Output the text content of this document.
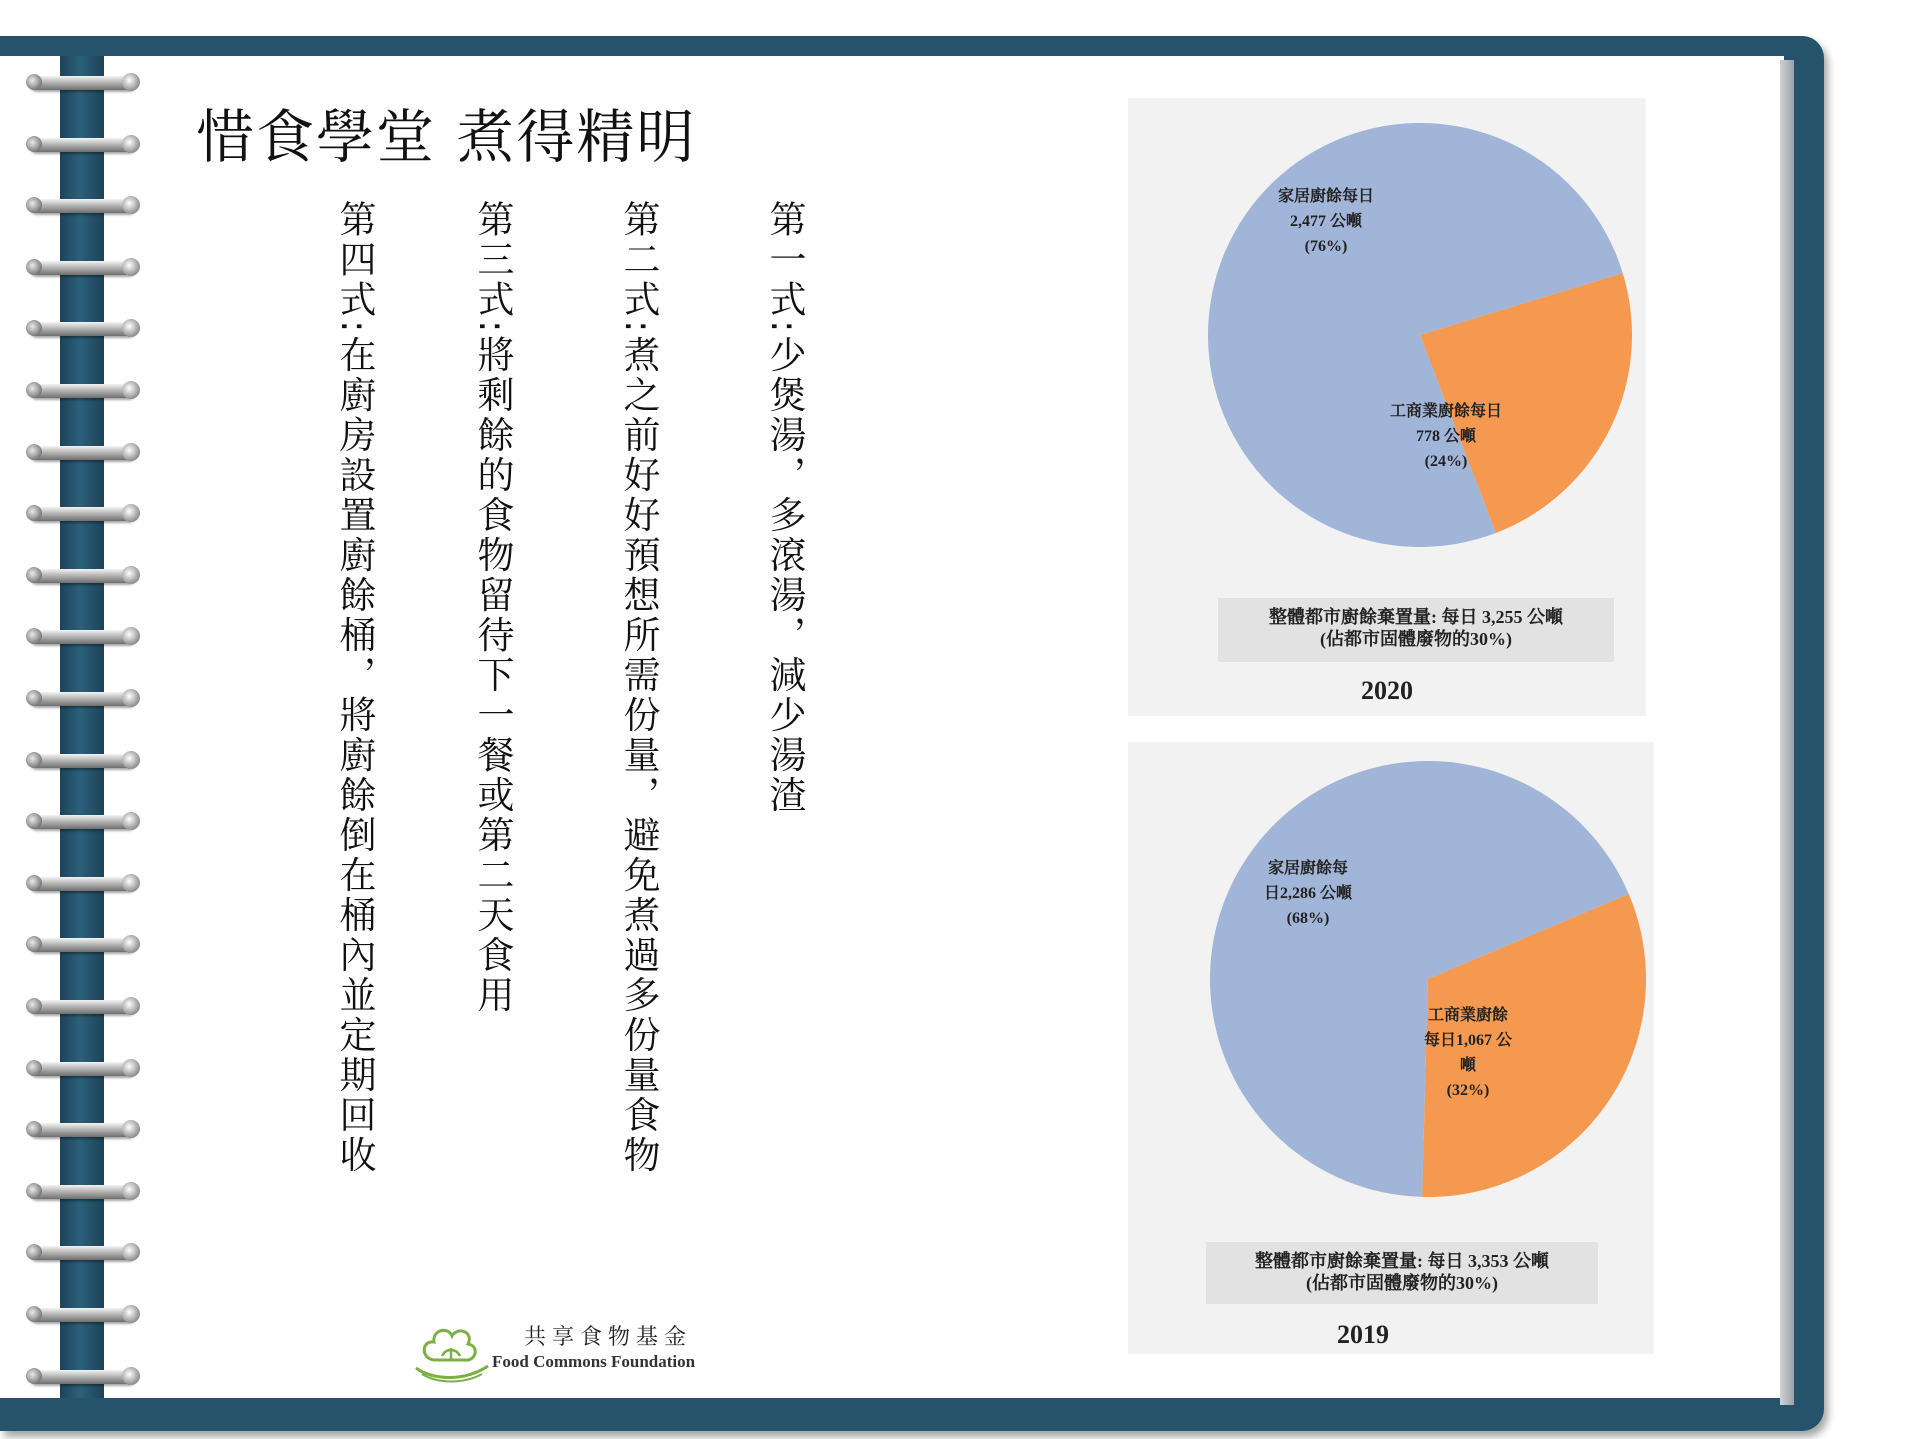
惜食學堂 煮得精明
第一式:少煲湯，多滾湯，減少湯渣
第二式:煮之前好好預想所需份量，避免煮過多份量食物
第三式:將剩餘的食物留待下一餐或第二天食用
第四式:在廚房設置廚餘桶，將廚餘倒在桶內並定期回收
共享食物基金
Food Commons Foundation
家居廚餘每日
2,477 公噸
(76%)
工商業廚餘每日
778 公噸
(24%)
整體都市廚餘棄置量: 每日 3,255 公噸
(佔都市固體廢物的30%)
2020
家居廚餘每
日2,286 公噸
(68%)
工商業廚餘
每日1,067 公
噸
(32%)
整體都市廚餘棄置量: 每日 3,353 公噸
(佔都市固體廢物的30%)
2019
